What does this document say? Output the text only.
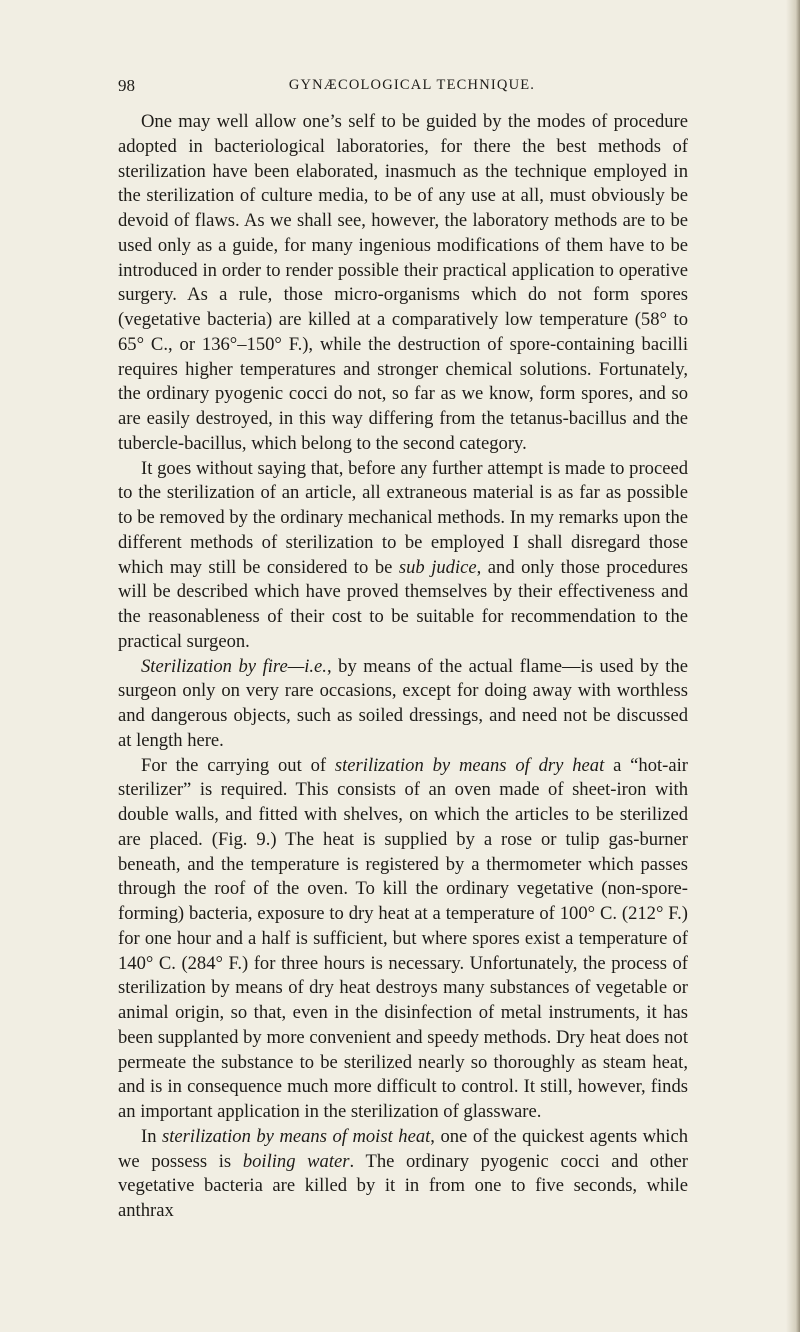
98	GYNÆCOLOGICAL TECHNIQUE.

One may well allow one’s self to be guided by the modes of procedure adopted in bacteriological laboratories, for there the best methods of sterilization have been elaborated, inasmuch as the technique employed in the sterilization of culture media, to be of any use at all, must obviously be devoid of flaws. As we shall see, however, the laboratory methods are to be used only as a guide, for many ingenious modifications of them have to be introduced in order to render possible their practical application to operative surgery. As a rule, those micro-organisms which do not form spores (vegetative bacteria) are killed at a comparatively low temperature (58° to 65° C., or 136°–150° F.), while the destruction of spore-containing bacilli requires higher temperatures and stronger chemical solutions. Fortunately, the ordinary pyogenic cocci do not, so far as we know, form spores, and so are easily destroyed, in this way differing from the tetanus-bacillus and the tubercle-bacillus, which belong to the second category.

It goes without saying that, before any further attempt is made to proceed to the sterilization of an article, all extraneous material is as far as possible to be removed by the ordinary mechanical methods. In my remarks upon the different methods of sterilization to be employed I shall disregard those which may still be considered to be sub judice, and only those procedures will be described which have proved themselves by their effectiveness and the reasonableness of their cost to be suitable for recommendation to the practical surgeon.

Sterilization by fire—i.e., by means of the actual flame—is used by the surgeon only on very rare occasions, except for doing away with worthless and dangerous objects, such as soiled dressings, and need not be discussed at length here.

For the carrying out of sterilization by means of dry heat a “hot-air sterilizer” is required. This consists of an oven made of sheet-iron with double walls, and fitted with shelves, on which the articles to be sterilized are placed. (Fig. 9.) The heat is supplied by a rose or tulip gas-burner beneath, and the temperature is registered by a thermometer which passes through the roof of the oven. To kill the ordinary vegetative (non-spore-forming) bacteria, exposure to dry heat at a temperature of 100° C. (212° F.) for one hour and a half is sufficient, but where spores exist a temperature of 140° C. (284° F.) for three hours is necessary. Unfortunately, the process of sterilization by means of dry heat destroys many substances of vegetable or animal origin, so that, even in the disinfection of metal instruments, it has been supplanted by more convenient and speedy methods. Dry heat does not permeate the substance to be sterilized nearly so thoroughly as steam heat, and is in consequence much more difficult to control. It still, however, finds an important application in the sterilization of glassware.

In sterilization by means of moist heat, one of the quickest agents which we possess is boiling water. The ordinary pyogenic cocci and other vegetative bacteria are killed by it in from one to five seconds, while anthrax
